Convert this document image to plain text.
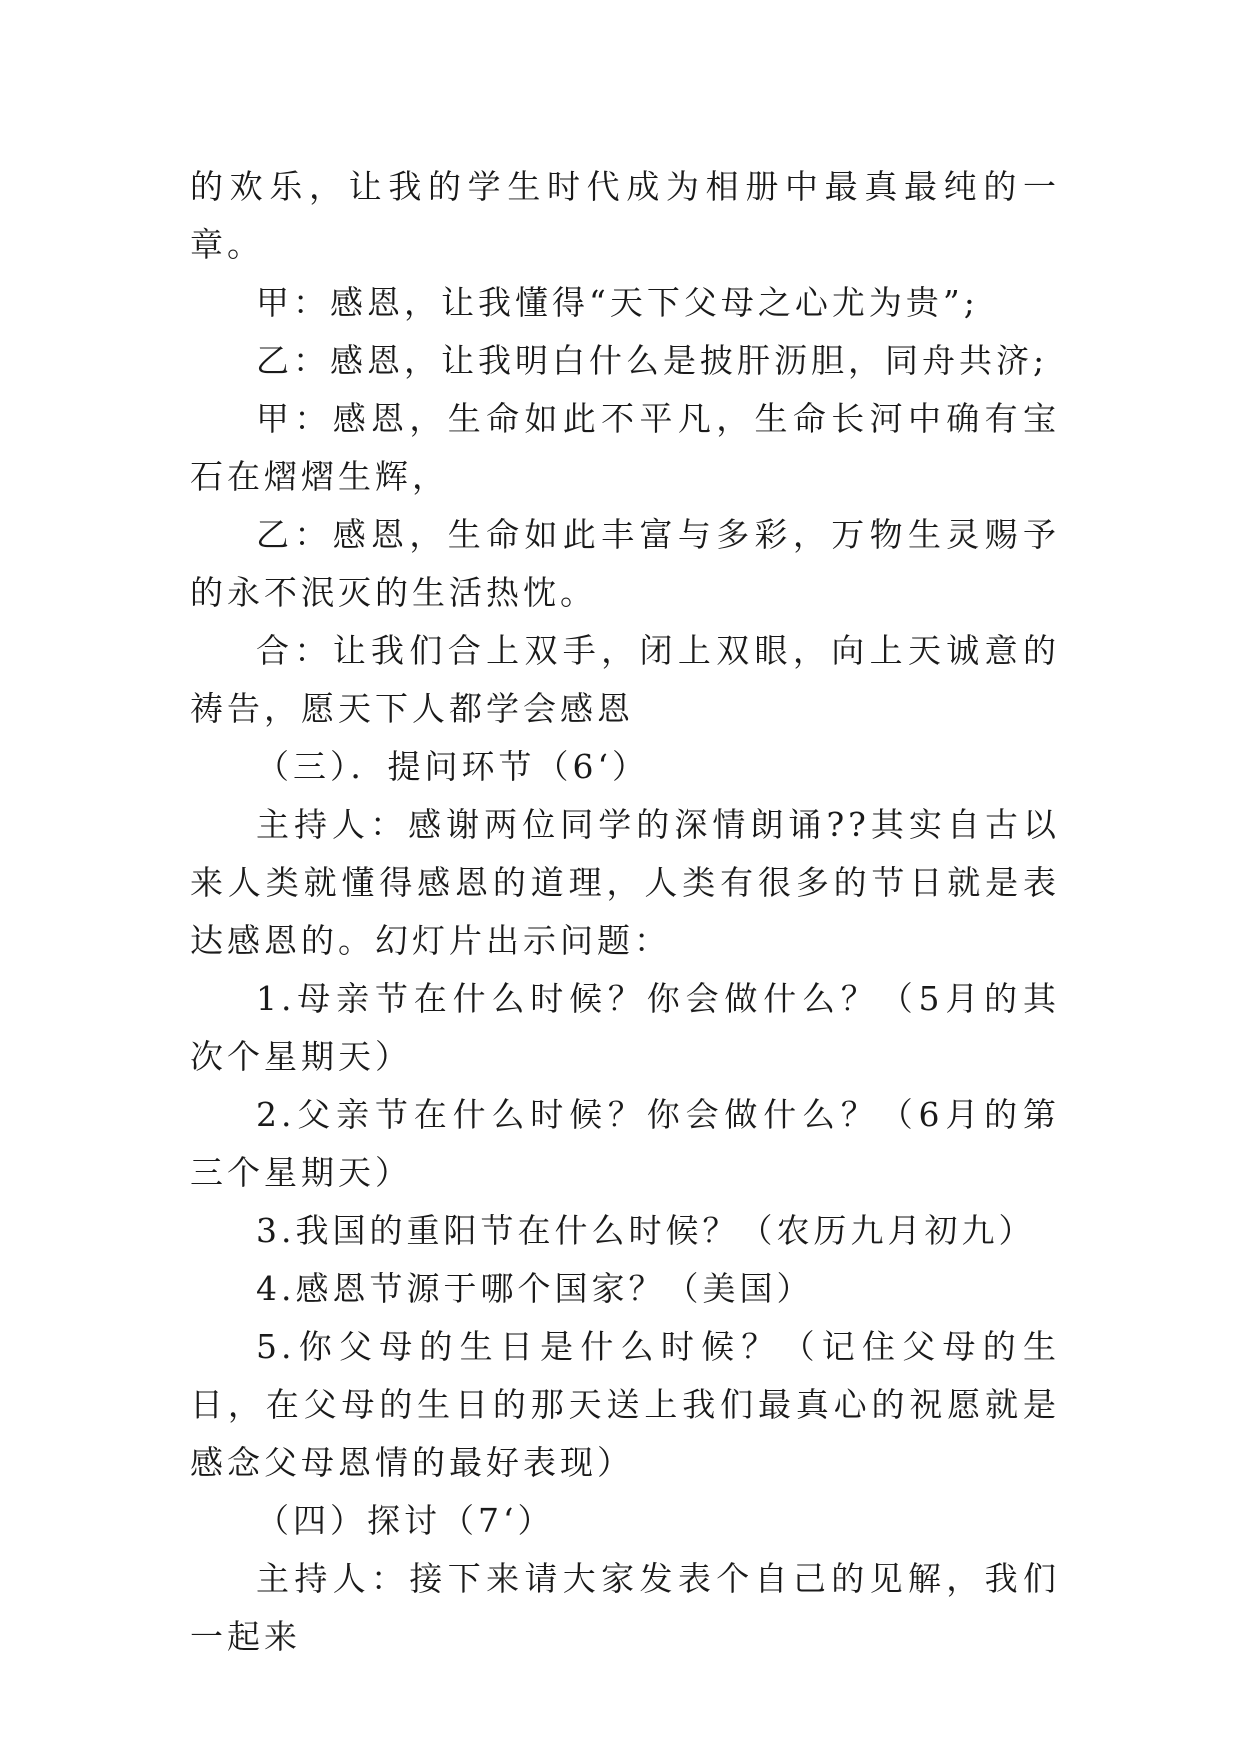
的欢乐，让我的学生时代成为相册中最真最纯的一章。

甲：感恩，让我懂得“天下父母之心尤为贵”;

乙：感恩，让我明白什么是披肝沥胆，同舟共济;

甲：感恩，生命如此不平凡，生命长河中确有宝石在熠熠生辉，

乙：感恩，生命如此丰富与多彩，万物生灵赐予的永不泯灭的生活热忱。

合：让我们合上双手，闭上双眼，向上天诚意的祷告，愿天下人都学会感恩

（三）．提问环节（6‘）

主持人：感谢两位同学的深情朗诵??其实自古以来人类就懂得感恩的道理，人类有很多的节日就是表达感恩的。幻灯片出示问题：

1.母亲节在什么时候？你会做什么？（5月的其次个星期天）

2.父亲节在什么时候？你会做什么？（6月的第三个星期天）

3.我国的重阳节在什么时候？（农历九月初九）

4.感恩节源于哪个国家？（美国）

5.你父母的生日是什么时候？（记住父母的生日，在父母的生日的那天送上我们最真心的祝愿就是感念父母恩情的最好表现）

（四）探讨（7‘）

主持人：接下来请大家发表个自己的见解，我们一起来
